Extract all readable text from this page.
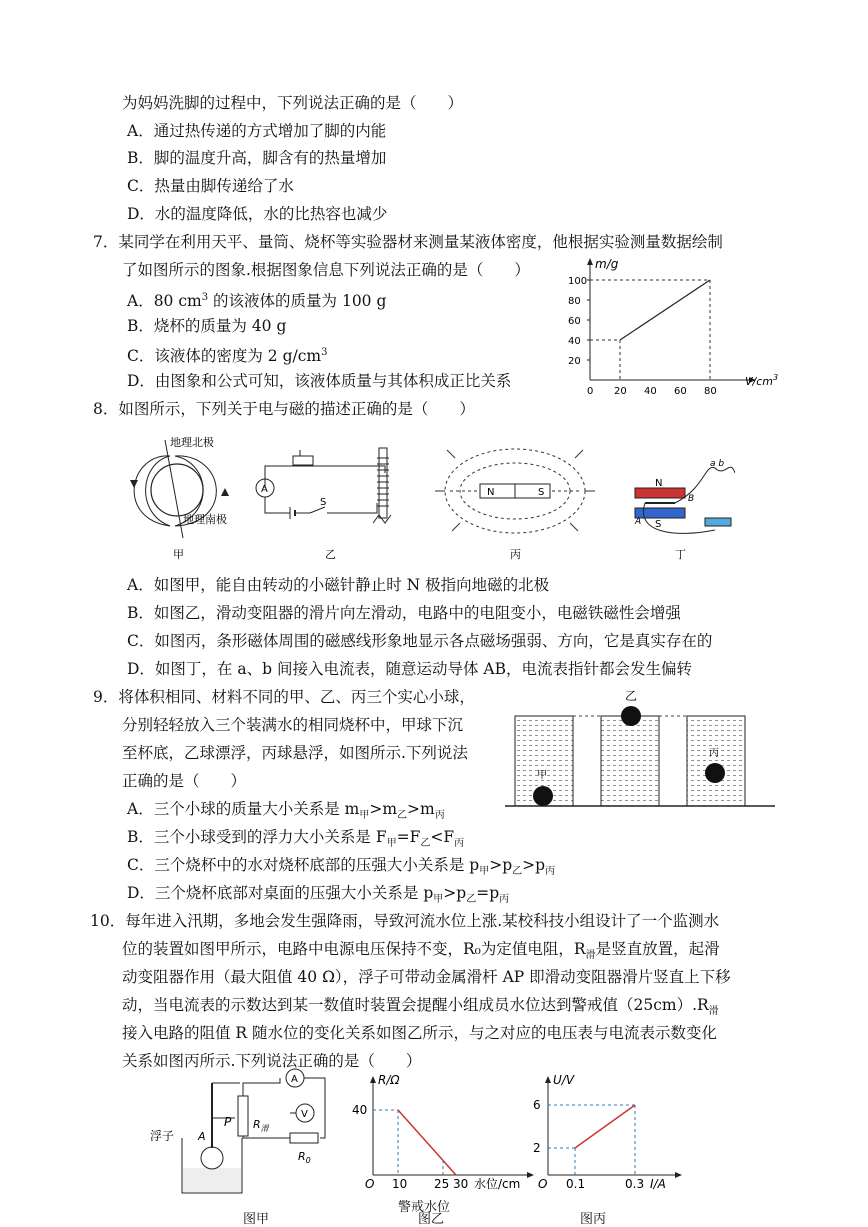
为妈妈洗脚的过程中，下列说法正确的是（　　）
A．通过热传递的方式增加了脚的内能
B．脚的温度升高，脚含有的热量增加
C．热量由脚传递给了水
D．水的温度降低，水的比热容也减少
7．某同学在利用天平、量筒、烧杯等实验器材来测量某液体密度，他根据实验测量数据绘制
了如图所示的图象.根据图象信息下列说法正确的是（　　）
A．80 $cm^3$ 的该液体的质量为 100 g
B．烧杯的质量为 40 g
C．该液体的密度为 2 $g/cm^3$
D．由图象和公式可知，该液体质量与其体积成正比关系
100
80
60
40
20
0 20 40 60 80
m/g
$V/cm^3$
8．如图所示，下列关于电与磁的描述正确的是（　　）
地理北极
地理南极
A
S
N	S
N
S
A
B
a b
甲	乙	丙	丁
A．如图甲，能自由转动的小磁针静止时 N 极指向地磁的北极
B．如图乙，滑动变阻器的滑片向左滑动，电路中的电阻变小，电磁铁磁性会增强
C．如图丙，条形磁体周围的磁感线形象地显示各点磁场强弱、方向，它是真实存在的
D．如图丁，在 a、b 间接入电流表，随意运动导体 AB，电流表指针都会发生偏转
9．将体积相同、材料不同的甲、乙、丙三个实心小球，
分别轻轻放入三个装满水的相同烧杯中，甲球下沉
至杯底，乙球漂浮，丙球悬浮，如图所示.下列说法
正确的是（　　）	甲
乙
丙
A．三个小球的质量大小关系是 $m_甲>m_乙>m_丙$
B．三个小球受到的浮力大小关系是 $F_甲=F_乙<F_丙$
C．三个烧杯中的水对烧杯底部的压强大小关系是 $p_甲>p_乙>p_丙$
D．三个烧杯底部对桌面的压强大小关系是 $p_甲>p_乙=p_丙$
10．每年进入汛期，多地会发生强降雨，导致河流水位上涨.某校科技小组设计了一个监测水
位的装置如图甲所示，电路中电源电压保持不变，R₀为定值电阻，$R_滑$是竖直放置，起滑
动变阻器作用（最大阻值 40 Ω），浮子可带动金属滑杆 AP 即滑动变阻器滑片竖直上下移
动，当电流表的示数达到某一数值时装置会提醒小组成员水位达到警戒值$(25cm).R_滑$
接入电路的阻值 R 随水位的变化关系如图乙所示，与之对应的电压表与电流表示数变化
关系如图丙所示.下列说法正确的是（　　）
A
V
浮子 A
P $R_滑$
$R_0$
R/Ω
40
O 10 25 30 水位/cm
警戒水位
U/V
6
2
O 0.1	0.3 I/A
图甲	图乙	图丙
